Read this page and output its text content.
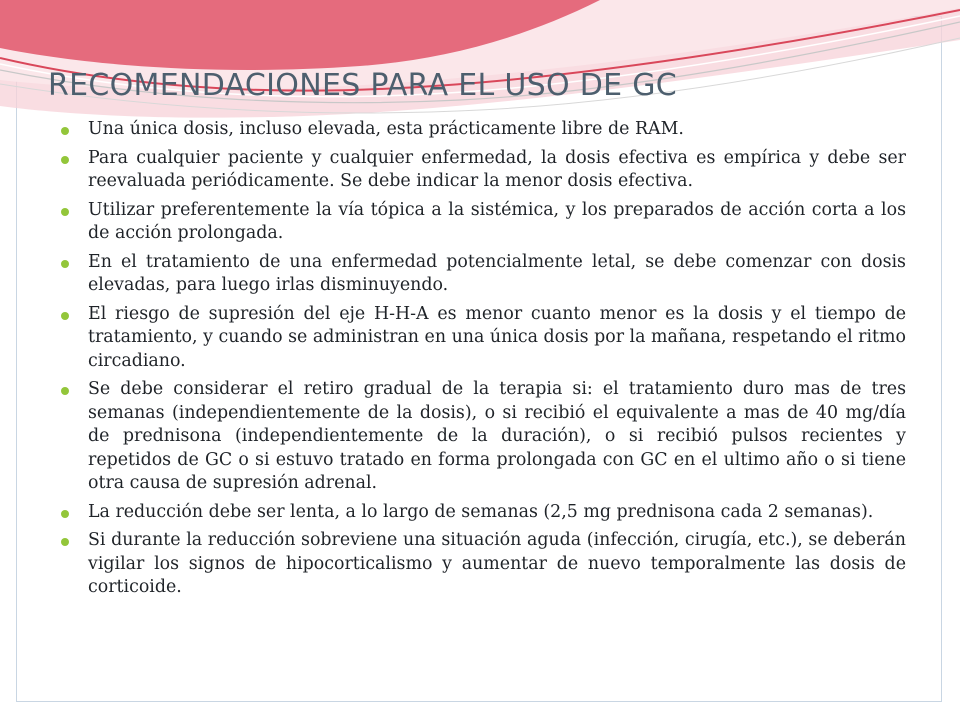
RECOMENDACIONES PARA EL USO DE GC
Una única dosis, incluso elevada, esta prácticamente libre de RAM.
Para cualquier paciente y cualquier enfermedad, la dosis efectiva es empírica y debe ser reevaluada periódicamente. Se debe indicar la menor dosis efectiva.
Utilizar preferentemente la vía tópica a la sistémica, y los preparados de acción corta a los de acción prolongada.
En el tratamiento de una enfermedad potencialmente letal, se debe comenzar con dosis elevadas, para luego irlas disminuyendo.
El riesgo de supresión del eje H-H-A es menor cuanto menor es la dosis y el tiempo de tratamiento, y cuando se administran en una única dosis por la mañana, respetando el ritmo circadiano.
Se debe considerar el retiro gradual de la terapia si: el tratamiento duro mas de tres semanas (independientemente de la dosis), o si recibió el equivalente a mas de 40 mg/día de prednisona (independientemente de la duración), o si recibió pulsos recientes y repetidos de GC o si estuvo tratado en forma prolongada con GC en el ultimo año o si tiene otra causa de supresión adrenal.
La reducción debe ser lenta, a lo largo de semanas (2,5 mg prednisona cada 2 semanas).
Si durante la reducción sobreviene una situación aguda (infección, cirugía, etc.), se deberán vigilar los signos de hipocorticalismo y aumentar de nuevo temporalmente las dosis de corticoide.
